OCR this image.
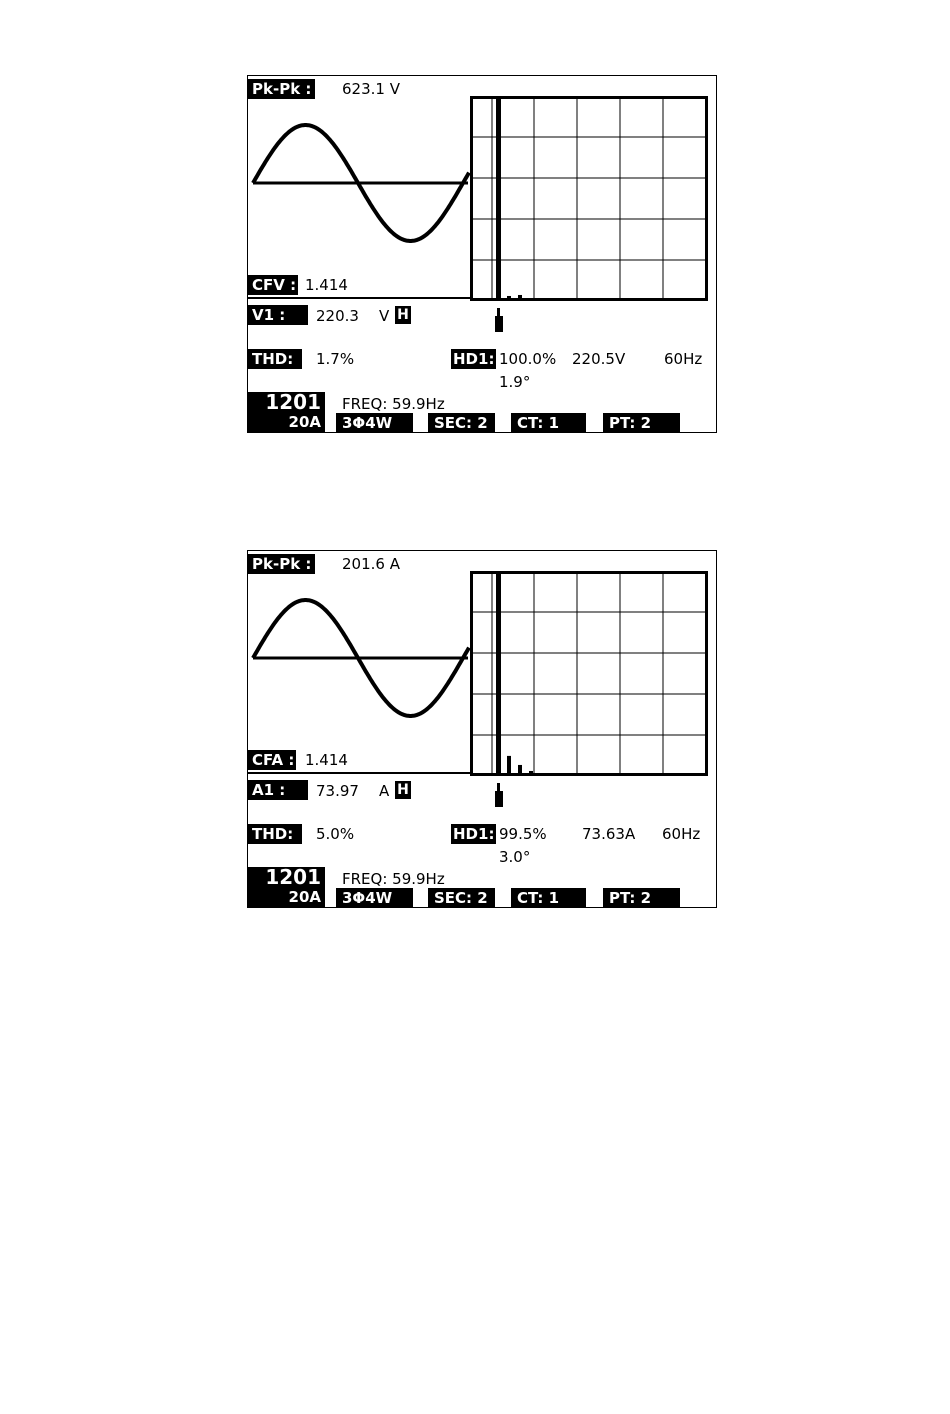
Pk-Pk : 623.1 V
CFV : 1.414
V1 :	220.3 V H
THD:	1.7%	HD1: 100.0% 220.5V	60Hz
1.9°
1201
20A
FREQ: 59.9Hz
3Φ4W	SEC: 2	CT: 1	PT: 2
Pk-Pk : 201.6 A
CFA : 1.414
A1 :	73.97 A H
THD:	5.0%	HD1: 99.5% 73.63A 60Hz
3.0°
1201
20A
FREQ: 59.9Hz
3Φ4W	SEC: 2	CT: 1	PT: 2
